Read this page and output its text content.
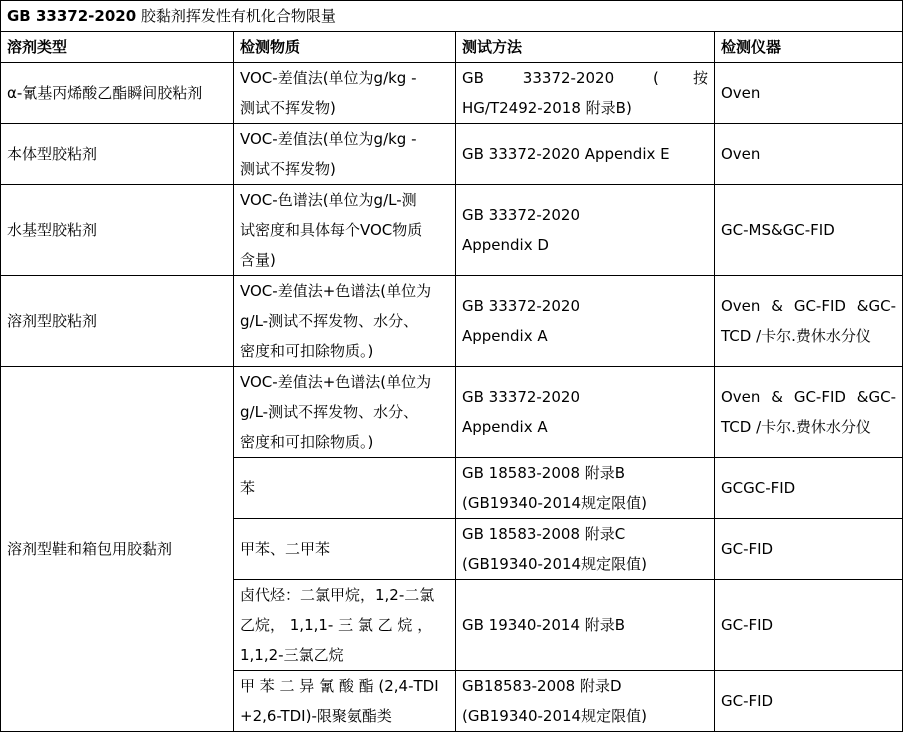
GB 33372-2020 胶黏剂挥发性有机化合物限量			
溶剂类型	检测物质	测试方法	检测仪器
α-氰基丙烯酸乙酯瞬间胶粘剂	VOC-差值法(单位为g/kg -
测试不挥发物)	GB 33372-2020 (按
HG/T2492-2018 附录B)	Oven

本体型胶粘剂	VOC-差值法(单位为g/kg -
测试不挥发物)	GB 33372-2020 Appendix E	Oven

水基型胶粘剂	VOC-色谱法(单位为g/L-测
试密度和具体每个VOC物质
含量)	GB 33372-2020
Appendix D	GC-MS&GC-FID

溶剂型胶粘剂	VOC-差值法+色谱法(单位为
g/L-测试不挥发物、水分、
密度和可扣除物质。)	GB 33372-2020
Appendix A	Oven & GC-FID &GC-
TCD /卡尔.费休水分仪

溶剂型鞋和箱包用胶黏剂	VOC-差值法+色谱法(单位为
g/L-测试不挥发物、水分、
密度和可扣除物质。)	GB 33372-2020
Appendix A	Oven & GC-FID &GC-
TCD /卡尔.费休水分仪

	苯	GB 18583-2008 附录B
(GB19340-2014规定限值)	GCGC-FID

	甲苯、二甲苯	GB 18583-2008 附录C
(GB19340-2014规定限值)	GC-FID

	卤代烃：二氯甲烷，1,2-二氯
乙烷， 1,1,1- 三 氯 乙 烷 ，
1,1,2-三氯乙烷	GB 19340-2014 附录B	GC-FID

	甲 苯 二 异 氰 酸 酯 (2,4-TDI
+2,6-TDI)-限聚氨酯类	GB18583-2008 附录D
(GB19340-2014规定限值)	GC-FID
